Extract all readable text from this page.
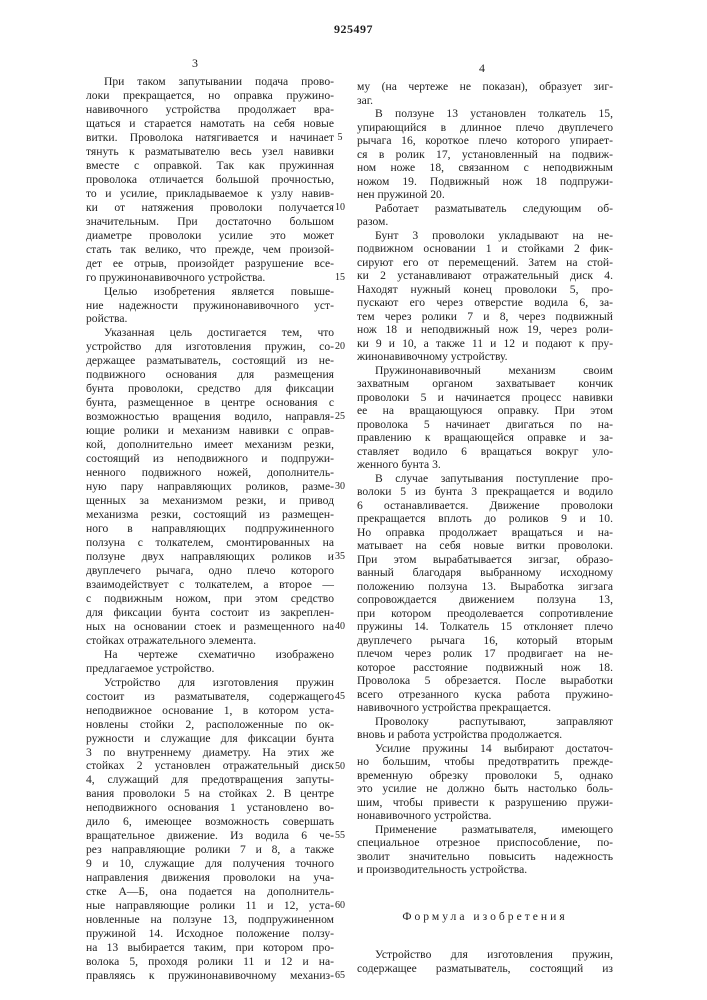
925497
3	4
При таком запутывании подача прово-
локи прекращается, но оправка пружино-
навивочного устройства продолжает вра-
щаться и старается намотать на себя новые
витки. Проволока натягивается и начинает
тянуть к разматывателю весь узел навивки
вместе с оправкой. Так как пружинная
проволока отличается большой прочностью,
то и усилие, прикладываемое к узлу навив-
ки от натяжения проволоки получается
значительным. При достаточно большом
диаметре проволоки усилие это может
стать так велико, что прежде, чем произой-
дет ее отрыв, произойдет разрушение все-
го пружинонавивочного устройства.
Целью изобретения является повыше-
ние надежности пружинонавивочного уст-
ройства.
Указанная цель достигается тем, что
устройство для изготовления пружин, со-
держащее разматыватель, состоящий из не-
подвижного основания для размещения
бунта проволоки, средство для фиксации
бунта, размещенное в центре основания с
возможностью вращения водило, направля-
ющие ролики и механизм навивки с оправ-
кой, дополнительно имеет механизм резки,
состоящий из неподвижного и подпружи-
ненного подвижного ножей, дополнитель-
ную пару направляющих роликов, разме-
щенных за механизмом резки, и привод
механизма резки, состоящий из размещен-
ного в направляющих подпружиненного
ползуна с толкателем, смонтированных на
ползуне двух направляющих роликов и
двуплечего рычага, одно плечо которого
взаимодействует с толкателем, а второе —
с подвижным ножом, при этом средство
для фиксации бунта состоит из закреплен-
ных на основании стоек и размещенного на
стойках отражательного элемента.
На чертеже схематично изображено
предлагаемое устройство.
Устройство для изготовления пружин
состоит из разматывателя, содержащего
неподвижное основание 1, в котором уста-
новлены стойки 2, расположенные по ок-
ружности и служащие для фиксации бунта
3 по внутреннему диаметру. На этих же
стойках 2 установлен отражательный диск
4, служащий для предотвращения запуты-
вания проволоки 5 на стойках 2. В центре
неподвижного основания 1 установлено во-
дило 6, имеющее возможность совершать
вращательное движение. Из водила 6 че-
рез направляющие ролики 7 и 8, а также
9 и 10, служащие для получения точного
направления движения проволоки на уча-
стке А—Б, она подается на дополнитель-
ные направляющие ролики 11 и 12, уста-
новленные на ползуне 13, подпружиненном
пружиной 14. Исходное положение ползу-
на 13 выбирается таким, при котором про-
волока 5, проходя ролики 11 и 12 и на-
правляясь к пружинонавивочному механиз-
5
10
15
20
25
30
35
40
45
50
55
60
65
му (на чертеже не показан), образует зиг-
заг.
В ползуне 13 установлен толкатель 15,
упирающийся в длинное плечо двуплечего
рычага 16, короткое плечо которого упирает-
ся в ролик 17, установленный на подвиж-
ном ноже 18, связанном с неподвижным
ножом 19. Подвижный нож 18 подпружи-
нен пружиной 20.
Работает разматыватель следующим об-
разом.
Бунт 3 проволоки укладывают на не-
подвижном основании 1 и стойками 2 фик-
сируют его от перемещений. Затем на стой-
ки 2 устанавливают отражательный диск 4.
Находят нужный конец проволоки 5, про-
пускают его через отверстие водила 6, за-
тем через ролики 7 и 8, через подвижный
нож 18 и неподвижный нож 19, через роли-
ки 9 и 10, а также 11 и 12 и подают к пру-
жинонавивочному устройству.
Пружинонавивочный механизм своим
захватным органом захватывает кончик
проволоки 5 и начинается процесс навивки
ее на вращающуюся оправку. При этом
проволока 5 начинает двигаться по на-
правлению к вращающейся оправке и за-
ставляет водило 6 вращаться вокруг уло-
женного бунта 3.
В случае запутывания поступление про-
волоки 5 из бунта 3 прекращается и водило
6 останавливается. Движение проволоки
прекращается вплоть до роликов 9 и 10.
Но оправка продолжает вращаться и на-
матывает на себя новые витки проволоки.
При этом вырабатывается зигзаг, образо-
ванный благодаря выбранному исходному
положению ползуна 13. Выработка зигзага
сопровождается движением ползуна 13,
при котором преодолевается сопротивление
пружины 14. Толкатель 15 отклоняет плечо
двуплечего рычага 16, который вторым
плечом через ролик 17 продвигает на не-
которое расстояние подвижный нож 18.
Проволока 5 обрезается. После выработки
всего отрезанного куска работа пружино-
навивочного устройства прекращается.
Проволоку распутывают, заправляют
вновь и работа устройства продолжается.
Усилие пружины 14 выбирают достаточ-
но большим, чтобы предотвратить прежде-
временную обрезку проволоки 5, однако
это усилие не должно быть настолько боль-
шим, чтобы привести к разрушению пружи-
нонавивочного устройства.
Применение разматывателя, имеющего
специальное отрезное приспособление, по-
зволит значительно повысить надежность
и производительность устройства.
Формула изобретения
Устройство для изготовления пружин,
содержащее разматыватель, состоящий из
